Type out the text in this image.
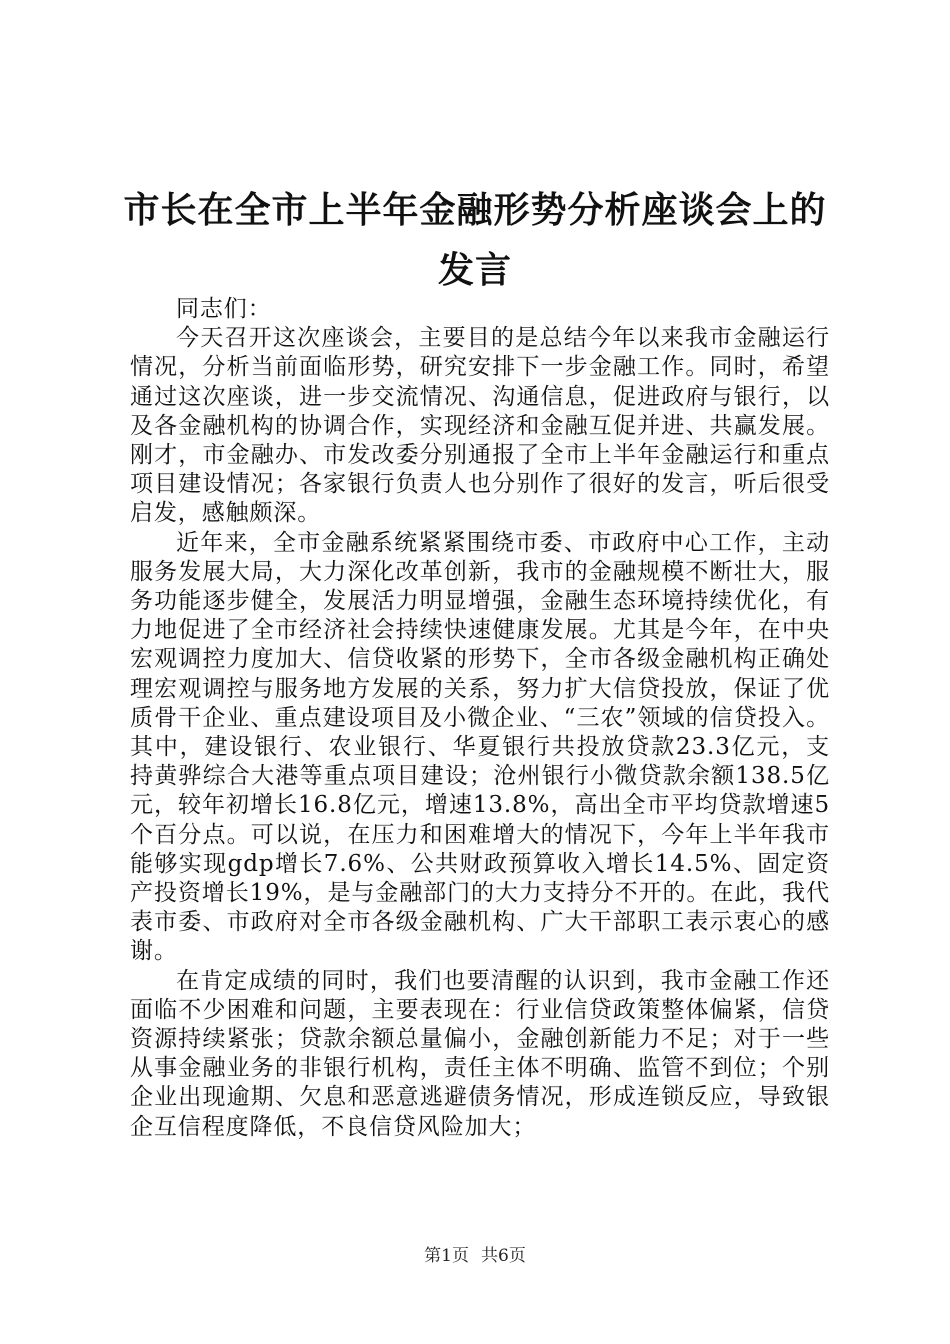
市长在全市上半年金融形势分析座谈会上的发言

同志们：

今天召开这次座谈会，主要目的是总结今年以来我市金融运行情况，分析当前面临形势，研究安排下一步金融工作。同时，希望通过这次座谈，进一步交流情况、沟通信息，促进政府与银行，以及各金融机构的协调合作，实现经济和金融互促并进、共赢发展。刚才，市金融办、市发改委分别通报了全市上半年金融运行和重点项目建设情况；各家银行负责人也分别作了很好的发言，听后很受启发，感触颇深。

近年来，全市金融系统紧紧围绕市委、市政府中心工作，主动服务发展大局，大力深化改革创新，我市的金融规模不断壮大，服务功能逐步健全，发展活力明显增强，金融生态环境持续优化，有力地促进了全市经济社会持续快速健康发展。尤其是今年，在中央宏观调控力度加大、信贷收紧的形势下，全市各级金融机构正确处理宏观调控与服务地方发展的关系，努力扩大信贷投放，保证了优质骨干企业、重点建设项目及小微企业、“三农”领域的信贷投入。其中，建设银行、农业银行、华夏银行共投放贷款23.3亿元，支持黄骅综合大港等重点项目建设；沧州银行小微贷款余额138.5亿元，较年初增长16.8亿元，增速13.8%，高出全市平均贷款增速5个百分点。可以说，在压力和困难增大的情况下，今年上半年我市能够实现gdp增长7.6%、公共财政预算收入增长14.5%、固定资产投资增长19%，是与金融部门的大力支持分不开的。在此，我代表市委、市政府对全市各级金融机构、广大干部职工表示衷心的感谢。

在肯定成绩的同时，我们也要清醒的认识到，我市金融工作还面临不少困难和问题，主要表现在：行业信贷政策整体偏紧，信贷资源持续紧张；贷款余额总量偏小，金融创新能力不足；对于一些从事金融业务的非银行机构，责任主体不明确、监管不到位；个别企业出现逾期、欠息和恶意逃避债务情况，形成连锁反应，导致银企互信程度降低，不良信贷风险加大；

第1页 共6页
